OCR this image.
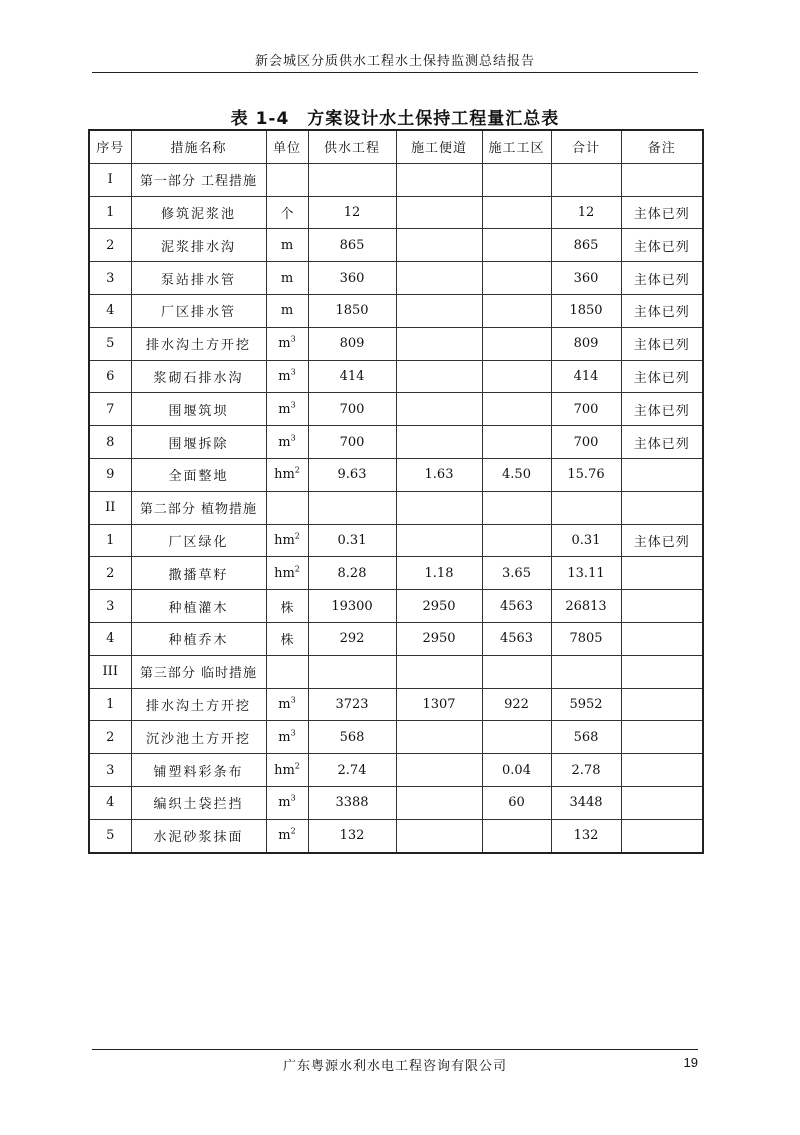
新会城区分质供水工程水土保持监测总结报告
表 1-4　方案设计水土保持工程量汇总表
序号	措施名称	单位	供水工程	施工便道	施工工区	合计	备注
I	第一部分 工程措施						
1	修筑泥浆池	个	12			12	主体已列
2	泥浆排水沟	m	865			865	主体已列
3	泵站排水管	m	360			360	主体已列
4	厂区排水管	m	1850			1850	主体已列
5	排水沟土方开挖	$m^3$	809			809	主体已列
6	浆砌石排水沟	$m^3$	414			414	主体已列
7	围堰筑坝	$m^3$	700			700	主体已列
8	围堰拆除	$m^3$	700			700	主体已列
9	全面整地	$hm^2$	9.63	1.63	4.50	15.76	
II	第二部分 植物措施						
1	厂区绿化	$hm^2$	0.31			0.31	主体已列
2	撒播草籽	$hm^2$	8.28	1.18	3.65	13.11	
3	种植灌木	株	19300	2950	4563	26813	
4	种植乔木	株	292	2950	4563	7805	
III	第三部分 临时措施						
1	排水沟土方开挖	$m^3$	3723	1307	922	5952	
2	沉沙池土方开挖	$m^3$	568			568	
3	铺塑料彩条布	$hm^2$	2.74		0.04	2.78	
4	编织土袋拦挡	$m^3$	3388		60	3448	
5	水泥砂浆抹面	$m^2$	132			132	
广东粤源水利水电工程咨询有限公司	19
